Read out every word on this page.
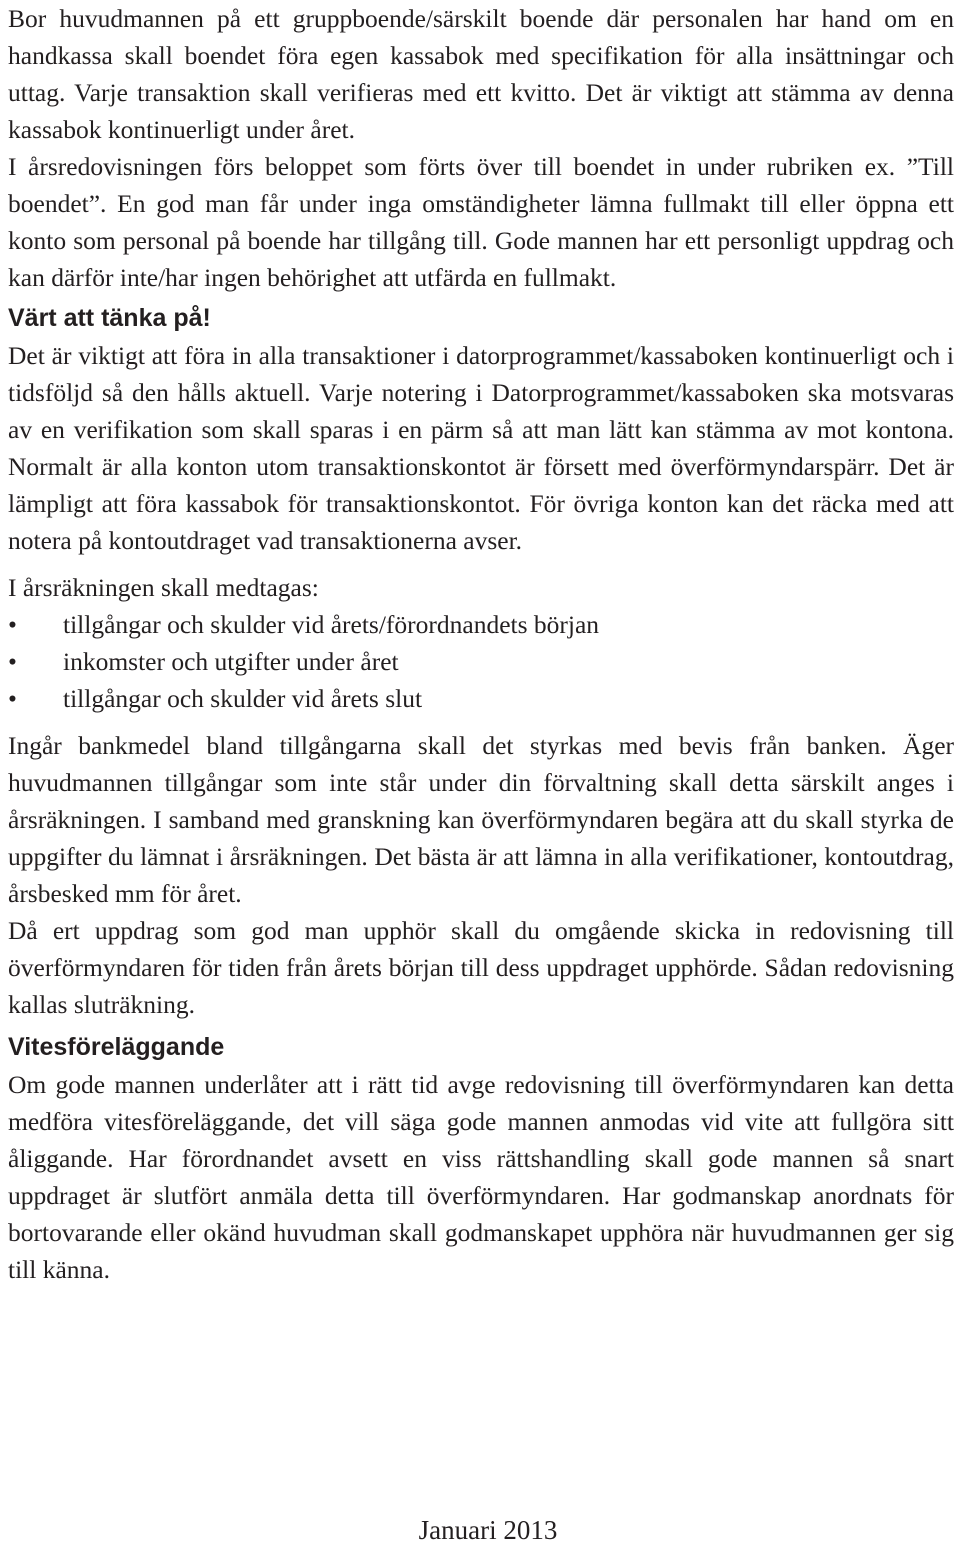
Bor huvudmannen på ett gruppboende/särskilt boende där personalen har hand om en handkassa skall boendet föra egen kassabok med specifikation för alla insättningar och uttag. Varje transaktion skall verifieras med ett kvitto. Det är viktigt att stämma av denna kassabok kontinuerligt under året.

I årsredovisningen förs beloppet som förts över till boendet in under rubriken ex. ”Till boendet”. En god man får under inga omständigheter lämna fullmakt till eller öppna ett konto som personal på boende har tillgång till. Gode mannen har ett personligt uppdrag och kan därför inte/har ingen behörighet att utfärda en fullmakt.

Värt att tänka på!

Det är viktigt att föra in alla transaktioner i datorprogrammet/kassaboken kontinuerligt och i tidsföljd så den hålls aktuell. Varje notering i Datorprogrammet/kassaboken ska motsvaras av en verifikation som skall sparas i en pärm så att man lätt kan stämma av mot kontona. Normalt är alla konton utom transaktionskontot är försett med överförmyndarspärr. Det är lämpligt att föra kassabok för transaktionskontot. För övriga konton kan det räcka med att notera på kontoutdraget vad transaktionerna avser.

I årsräkningen skall medtagas:

• tillgångar och skulder vid årets/förordnandets början
• inkomster och utgifter under året
• tillgångar och skulder vid årets slut

Ingår bankmedel bland tillgångarna skall det styrkas med bevis från banken. Äger huvudmannen tillgångar som inte står under din förvaltning skall detta särskilt anges i årsräkningen. I samband med granskning kan överförmyndaren begära att du skall styrka de uppgifter du lämnat i årsräkningen. Det bästa är att lämna in alla verifikationer, kontoutdrag, årsbesked mm för året.

Då ert uppdrag som god man upphör skall du omgående skicka in redovisning till överförmyndaren för tiden från årets början till dess uppdraget upphörde. Sådan redovisning kallas sluträkning.

Vitesföreläggande

Om gode mannen underlåter att i rätt tid avge redovisning till överförmyndaren kan detta medföra vitesföreläggande, det vill säga gode mannen anmodas vid vite att fullgöra sitt åliggande. Har förordnandet avsett en viss rättshandling skall gode mannen så snart uppdraget är slutfört anmäla detta till överförmyndaren. Har godmanskap anordnats för bortovarande eller okänd huvudman skall godmanskapet upphöra när huvudmannen ger sig till känna.

Januari 2013
